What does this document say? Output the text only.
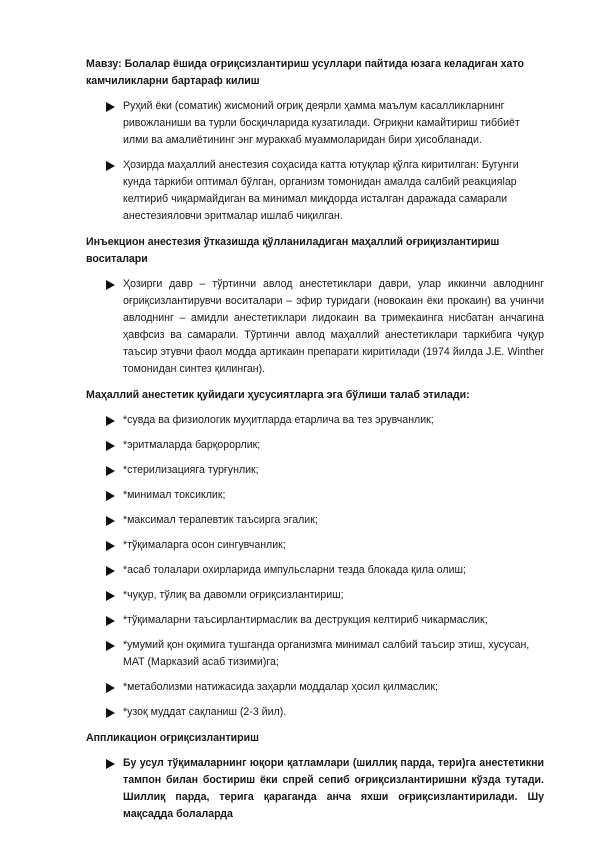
Мавзу: Болалар ёшида оғриқсизлантириш усуллари пайтида юзага келадиган хато камчиликларни бартараф килиш

Руҳий ёки (соматик) жисмоний оғриқ деярли ҳамма маълум касалликларнинг ривожланиши ва турли босқичларида кузатилади. Оғриқни камайтириш тиббиёт илми ва амалиётининг энг мураккаб муаммоларидан бири ҳисобланади.
Ҳозирда маҳаллий анестезия соҳасида катта ютуқлар қўлга киритилган: Бугунги кунда таркиби оптимал бўлган, организм томонидан амалда салбий реакцияlар келтириб чиқармайдиган ва минимал миқдорда исталган даражада самарали анестезияловчи эритмалар ишлаб чиқилган.

Инъекцион анестезия ўтказишда қўлланиладиган маҳаллий оғриқизлантириш воситалари

Ҳозирги давр – тўртинчи авлод анестетиклари даври, улар иккинчи авлоднинг оғриқсизлантирувчи воситалари – эфир туридаги (новокаин ёки прокаин) ва учинчи авлоднинг – амидли анестетиклари лидокаин ва тримекаинга нисбатан анчагина ҳавфсиз ва самарали. Тўртинчи авлод маҳаллий анестетиклари таркибига чуқур таъсир этувчи фаол модда артикаин препарати киритилади (1974 йилда J.E. Winther томонидан синтез қилинган).

Маҳаллий анестетик қуйидаги ҳусусиятларга эга бўлиши талаб этилади:

*сувда ва физиологик муҳитларда етарлича ва тез эрувчанлик;
*эритмаларда барқорорлик;
*стерилизацияга турғунлик;
*минимал токсиклик;
*максимал терапевтик таъсирга эгалик;
*тўқималарга осон сингувчанлик;
*асаб толалари охирларида импульсларни тезда блокада қила олиш;
*чуқур, тўлиқ ва давомли оғриқсизлантириш;
*тўқималарни таъсирлантирмаслик ва деструкция келтириб чикармаслик;
*умумий қон оқимига тушганда организмга минимал салбий таъсир этиш, хусусан, МАТ (Марказий асаб тизими)га;
*метаболизми натижасида заҳарли моддалар ҳосил қилмаслик;
*узоқ муддат сақланиш (2-3 йил).

Аппликацион оғриқсизлантириш

Бу усул тўқималарнинг юқори қатламлари (шиллиқ парда, тери)га анестетикни тампон билан бостириш ёки спрей сепиб оғриқсизлантиришни кўзда тутади. Шиллиқ парда, терига қараганда анча яхши оғриқсизлантирилади. Шу мақсадда болаларда
